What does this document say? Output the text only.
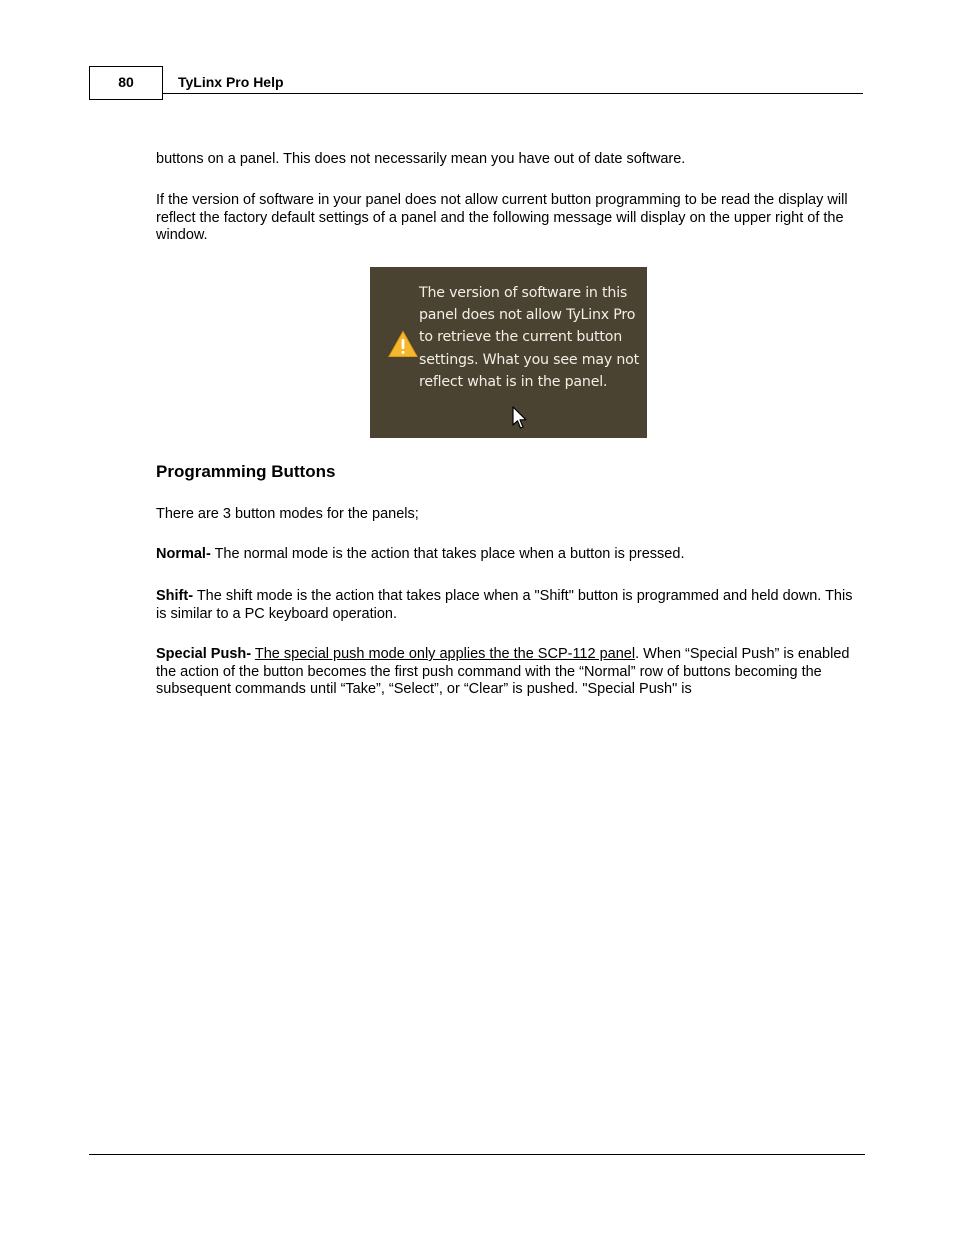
80	TyLinx Pro Help

buttons on a panel. This does not necessarily mean you have out of date software.

If the version of software in your panel does not allow current button programming to be read the display will reflect the factory default settings of a panel and the following message will display on the upper right of the window.

The version of software in this panel does not allow TyLinx Pro to retrieve the current button settings. What you see may not reflect what is in the panel.
Programming Buttons

There are 3 button modes for the panels;

Normal- The normal mode is the action that takes place when a button is pressed.

Shift- The shift mode is the action that takes place when a "Shift" button is programmed and held down. This is similar to a PC keyboard operation.

Special Push- The special push mode only applies the the SCP-112 panel. When “Special Push” is enabled the action of the button becomes the first push command with the “Normal” row of buttons becoming the subsequent commands until “Take”, “Select”, or “Clear” is pushed. "Special Push" is
